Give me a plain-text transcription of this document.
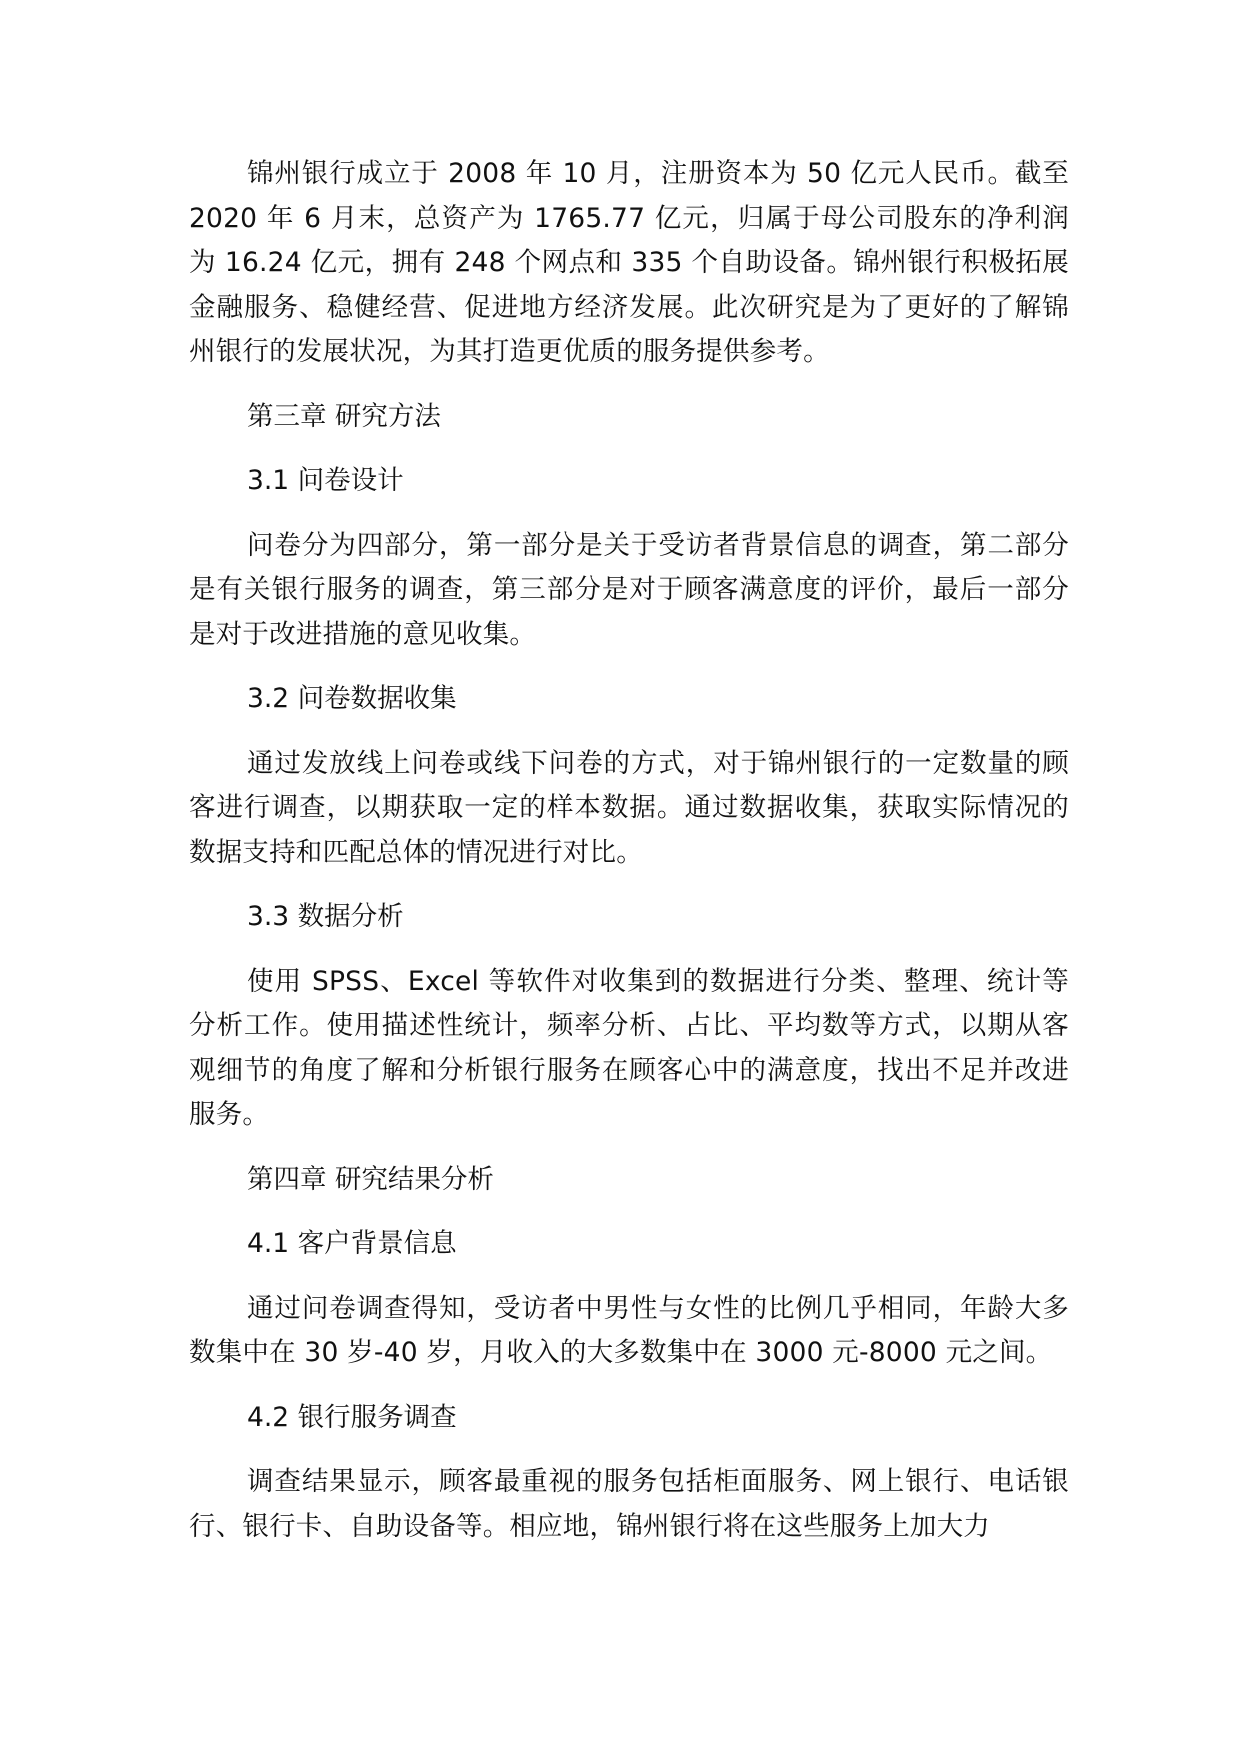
锦州银行成立于 2008 年 10 月，注册资本为 50 亿元人民币。截至 2020 年 6 月末，总资产为 1765.77 亿元，归属于母公司股东的净利润为 16.24 亿元，拥有 248 个网点和 335 个自助设备。锦州银行积极拓展金融服务、稳健经营、促进地方经济发展。此次研究是为了更好的了解锦州银行的发展状况，为其打造更优质的服务提供参考。

第三章 研究方法

3.1 问卷设计

问卷分为四部分，第一部分是关于受访者背景信息的调查，第二部分是有关银行服务的调查，第三部分是对于顾客满意度的评价，最后一部分是对于改进措施的意见收集。

3.2 问卷数据收集

通过发放线上问卷或线下问卷的方式，对于锦州银行的一定数量的顾客进行调查，以期获取一定的样本数据。通过数据收集，获取实际情况的数据支持和匹配总体的情况进行对比。

3.3 数据分析

使用 SPSS、Excel 等软件对收集到的数据进行分类、整理、统计等分析工作。使用描述性统计，频率分析、占比、平均数等方式，以期从客观细节的角度了解和分析银行服务在顾客心中的满意度，找出不足并改进服务。

第四章 研究结果分析

4.1 客户背景信息

通过问卷调查得知，受访者中男性与女性的比例几乎相同，年龄大多数集中在 30 岁-40 岁，月收入的大多数集中在 3000 元-8000 元之间。

4.2 银行服务调查

调查结果显示，顾客最重视的服务包括柜面服务、网上银行、电话银行、银行卡、自助设备等。相应地，锦州银行将在这些服务上加大力
